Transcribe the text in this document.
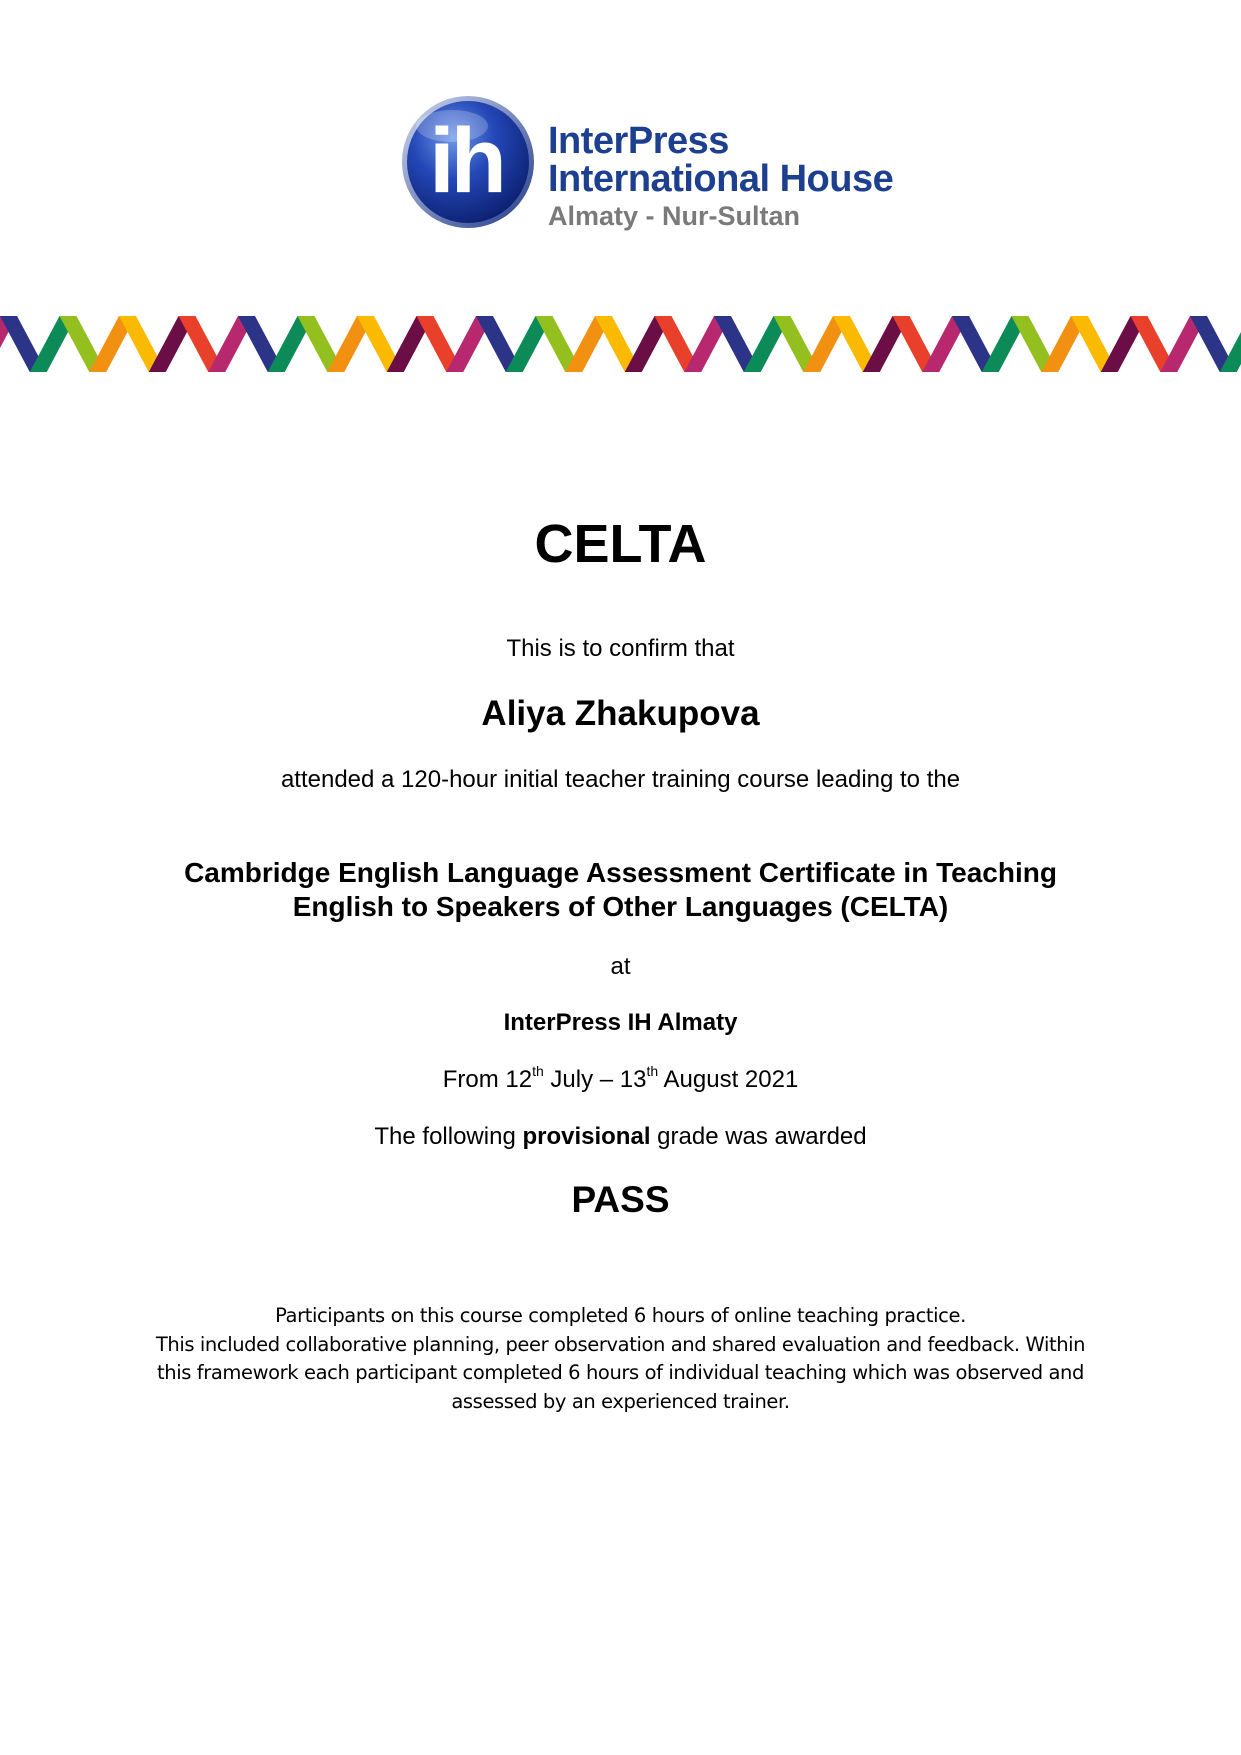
ih InterPress
International House
Almaty - Nur-Sultan
CELTA
This is to confirm that
Aliya Zhakupova
attended a 120-hour initial teacher training course leading to the
Cambridge English Language Assessment Certificate in Teaching
English to Speakers of Other Languages (CELTA)
at
InterPress IH Almaty
From 12th July – 13th August 2021
The following provisional grade was awarded
PASS
Participants on this course completed 6 hours of online teaching practice.
This included collaborative planning, peer observation and shared evaluation and feedback. Within
this framework each participant completed 6 hours of individual teaching which was observed and
assessed by an experienced trainer.
